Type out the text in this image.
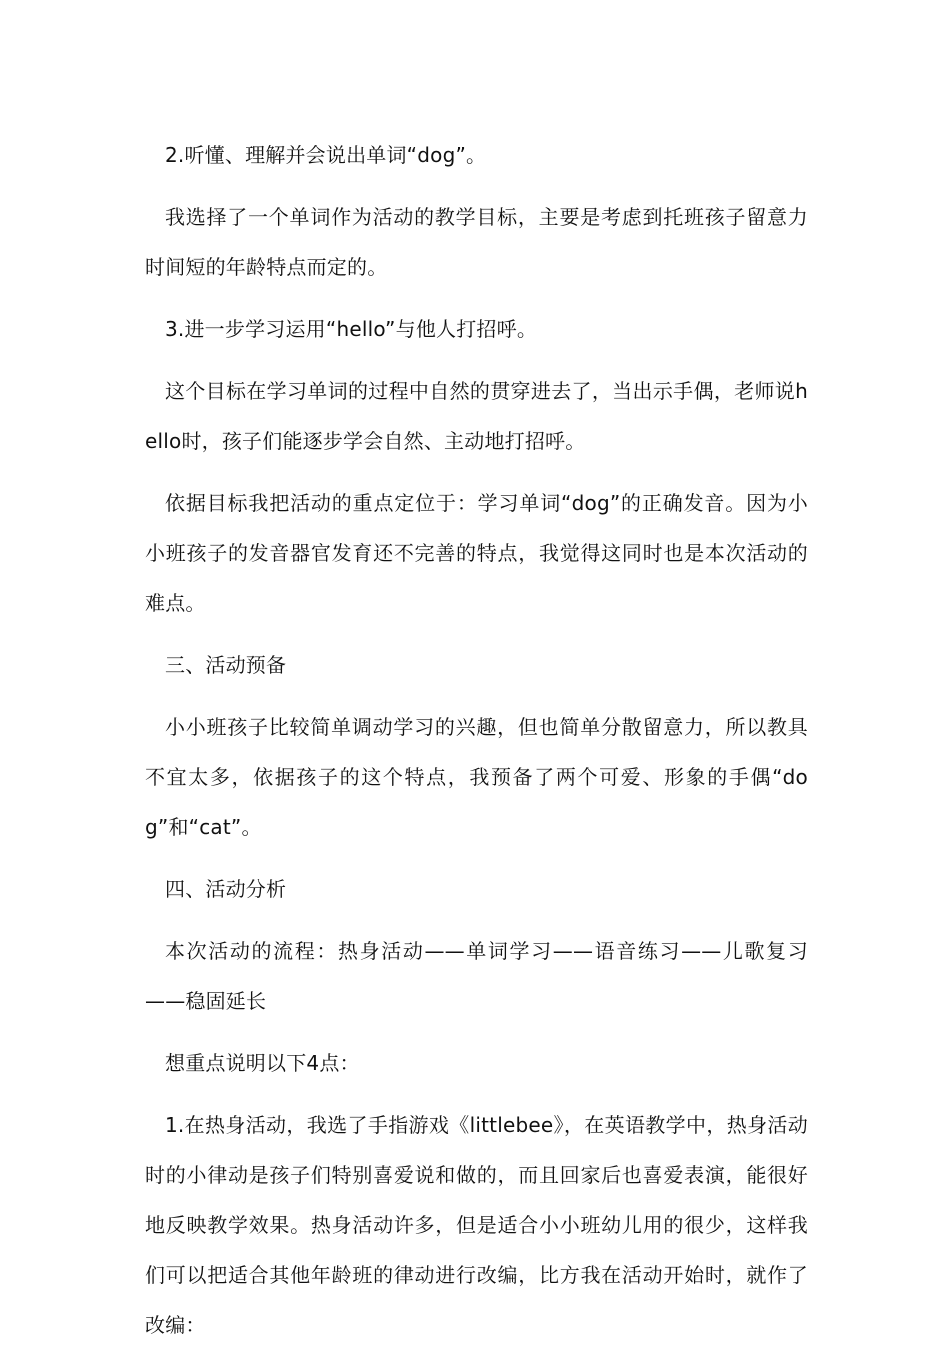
2.听懂、理解并会说出单词“dog”。

我选择了一个单词作为活动的教学目标，主要是考虑到托班孩子留意力时间短的年龄特点而定的。

3.进一步学习运用“hello”与他人打招呼。

这个目标在学习单词的过程中自然的贯穿进去了，当出示手偶，老师说hello时，孩子们能逐步学会自然、主动地打招呼。

依据目标我把活动的重点定位于：学习单词“dog”的正确发音。因为小小班孩子的发音器官发育还不完善的特点，我觉得这同时也是本次活动的难点。

三、活动预备

小小班孩子比较简单调动学习的兴趣，但也简单分散留意力，所以教具不宜太多，依据孩子的这个特点，我预备了两个可爱、形象的手偶“dog”和“cat”。

四、活动分析

本次活动的流程：热身活动——单词学习——语音练习——儿歌复习——稳固延长

想重点说明以下4点：

1.在热身活动，我选了手指游戏《littlebee》，在英语教学中，热身活动时的小律动是孩子们特别喜爱说和做的，而且回家后也喜爱表演，能很好地反映教学效果。热身活动许多，但是适合小小班幼儿用的很少，这样我们可以把适合其他年龄班的律动进行改编，比方我在活动开始时，就作了改编：
